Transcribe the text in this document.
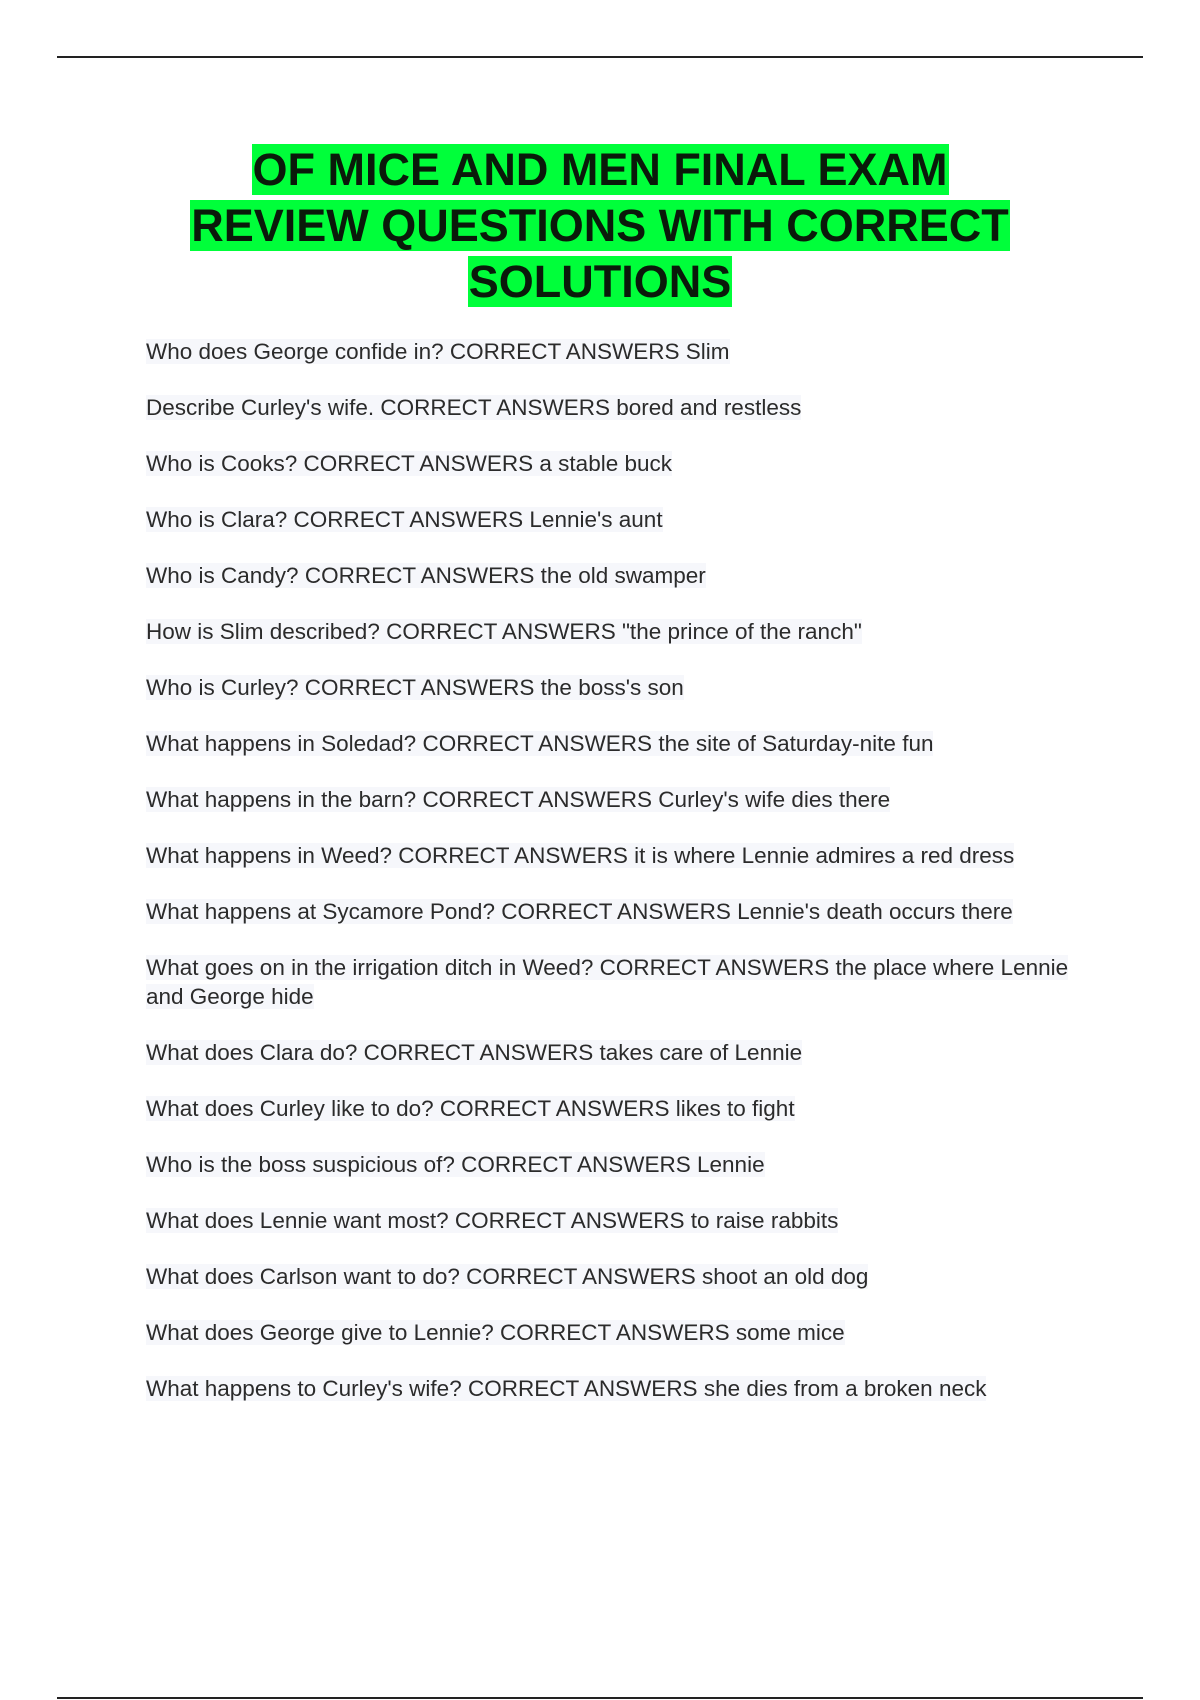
OF MICE AND MEN FINAL EXAM
REVIEW QUESTIONS WITH CORRECT
SOLUTIONS
Who does George confide in? CORRECT ANSWERS Slim
Describe Curley's wife. CORRECT ANSWERS bored and restless
Who is Cooks? CORRECT ANSWERS a stable buck
Who is Clara? CORRECT ANSWERS Lennie's aunt
Who is Candy? CORRECT ANSWERS the old swamper
How is Slim described? CORRECT ANSWERS "the prince of the ranch"
Who is Curley? CORRECT ANSWERS the boss's son
What happens in Soledad? CORRECT ANSWERS the site of Saturday-nite fun
What happens in the barn? CORRECT ANSWERS Curley's wife dies there
What happens in Weed? CORRECT ANSWERS it is where Lennie admires a red dress
What happens at Sycamore Pond? CORRECT ANSWERS Lennie's death occurs there
What goes on in the irrigation ditch in Weed? CORRECT ANSWERS the place where Lennie and George hide
What does Clara do? CORRECT ANSWERS takes care of Lennie
What does Curley like to do? CORRECT ANSWERS likes to fight
Who is the boss suspicious of? CORRECT ANSWERS Lennie
What does Lennie want most? CORRECT ANSWERS to raise rabbits
What does Carlson want to do? CORRECT ANSWERS shoot an old dog
What does George give to Lennie? CORRECT ANSWERS some mice
What happens to Curley's wife? CORRECT ANSWERS she dies from a broken neck
